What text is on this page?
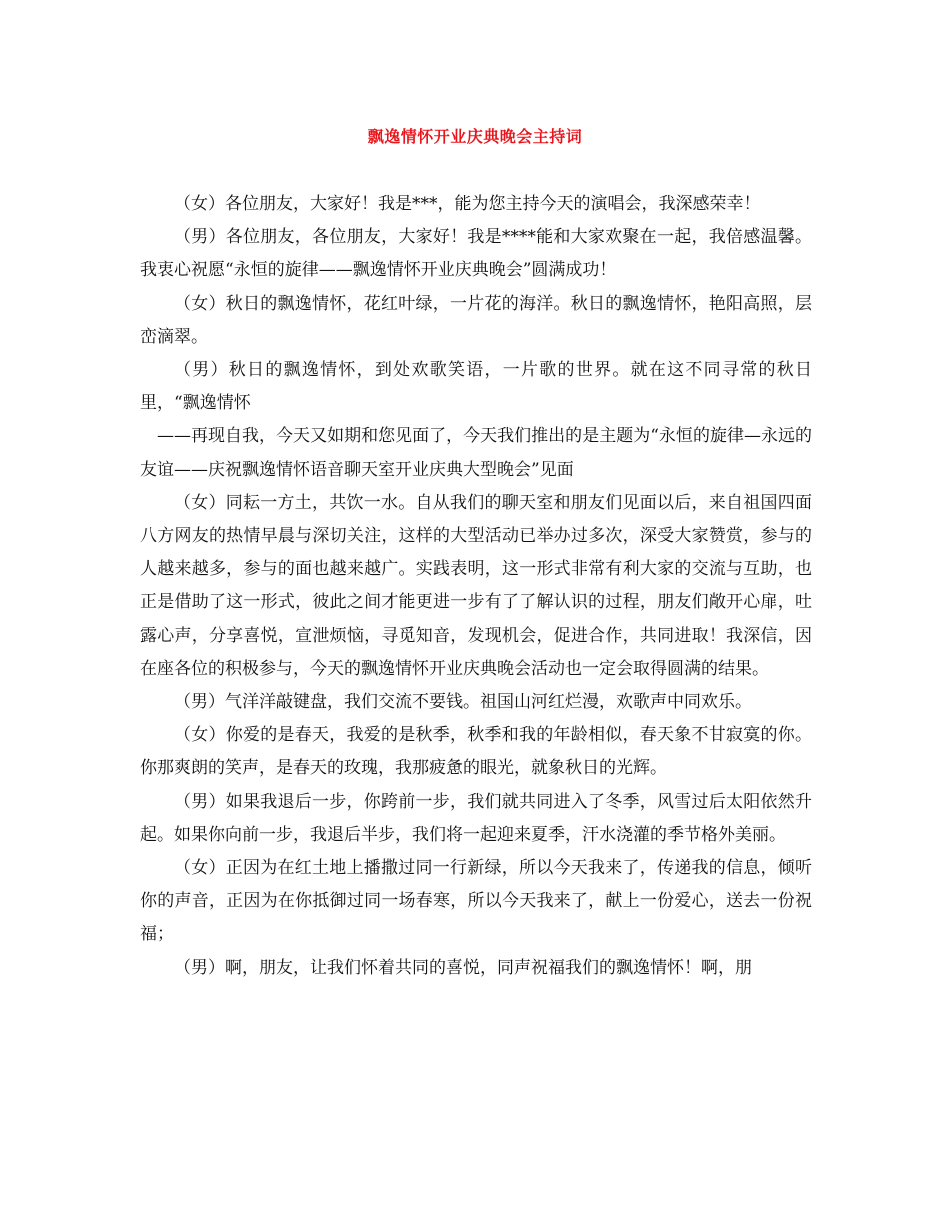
飘逸情怀开业庆典晚会主持词

（女）各位朋友，大家好！我是***，能为您主持今天的演唱会，我深感荣幸！

（男）各位朋友，各位朋友，大家好！我是****能和大家欢聚在一起，我倍感温馨。我衷心祝愿“永恒的旋律——飘逸情怀开业庆典晚会”圆满成功！

（女）秋日的飘逸情怀，花红叶绿，一片花的海洋。秋日的飘逸情怀，艳阳高照，层峦滴翠。

（男）秋日的飘逸情怀，到处欢歌笑语，一片歌的世界。就在这不同寻常的秋日里，“飘逸情怀

——再现自我，今天又如期和您见面了，今天我们推出的是主题为“永恒的旋律—永远的友谊——庆祝飘逸情怀语音聊天室开业庆典大型晚会”见面

（女）同耘一方土，共饮一水。自从我们的聊天室和朋友们见面以后，来自祖国四面八方网友的热情早晨与深切关注，这样的大型活动已举办过多次，深受大家赞赏，参与的人越来越多，参与的面也越来越广。实践表明，这一形式非常有利大家的交流与互助，也正是借助了这一形式，彼此之间才能更进一步有了了解认识的过程，朋友们敞开心扉，吐露心声，分享喜悦，宣泄烦恼，寻觅知音，发现机会，促进合作，共同进取！我深信，因在座各位的积极参与，今天的飘逸情怀开业庆典晚会活动也一定会取得圆满的结果。

（男）气洋洋敲键盘，我们交流不要钱。祖国山河红烂漫，欢歌声中同欢乐。

（女）你爱的是春天，我爱的是秋季，秋季和我的年龄相似，春天象不甘寂寞的你。你那爽朗的笑声，是春天的玫瑰，我那疲惫的眼光，就象秋日的光辉。

（男）如果我退后一步，你跨前一步，我们就共同进入了冬季，风雪过后太阳依然升起。如果你向前一步，我退后半步，我们将一起迎来夏季，汗水浇灌的季节格外美丽。

（女）正因为在红土地上播撒过同一行新绿，所以今天我来了，传递我的信息，倾听你的声音，正因为在你抵御过同一场春寒，所以今天我来了，献上一份爱心，送去一份祝福；

（男）啊，朋友，让我们怀着共同的喜悦，同声祝福我们的飘逸情怀！啊，朋
